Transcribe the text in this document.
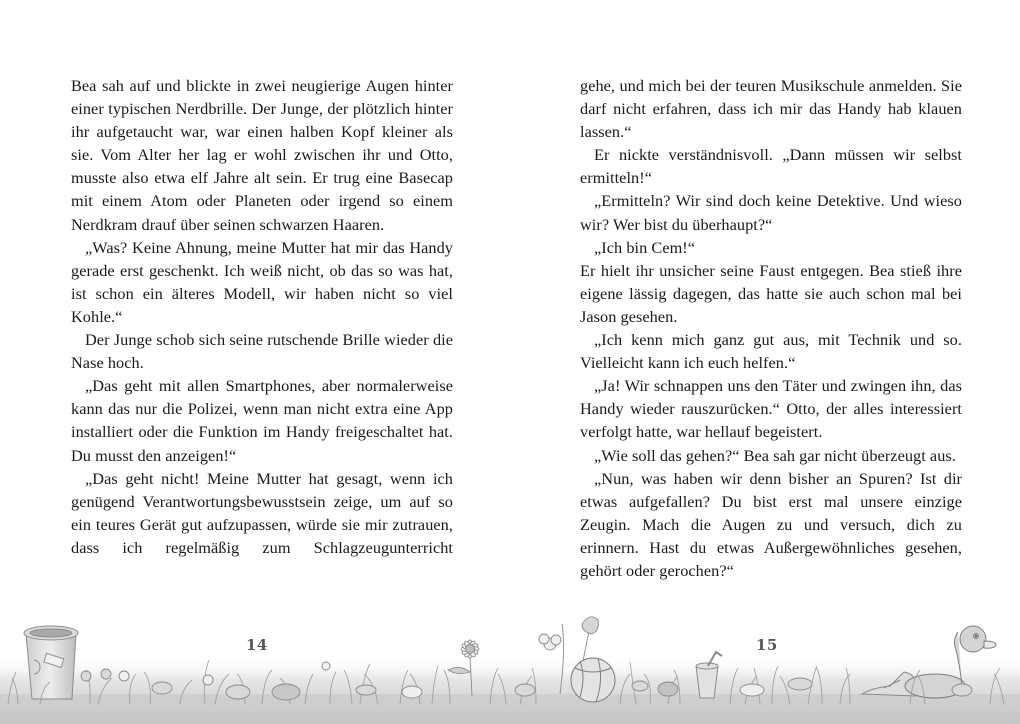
Bea sah auf und blickte in zwei neugierige Augen hinter einer typischen Nerdbrille. Der Junge, der plötzlich hinter ihr aufgetaucht war, war einen halben Kopf kleiner als sie. Vom Alter her lag er wohl zwischen ihr und Otto, musste also etwa elf Jahre alt sein. Er trug eine Basecap mit einem Atom oder Planeten oder irgend so einem Nerdkram drauf über seinen schwarzen Haaren.

„Was? Keine Ahnung, meine Mutter hat mir das Handy gerade erst geschenkt. Ich weiß nicht, ob das so was hat, ist schon ein älteres Modell, wir haben nicht so viel Kohle.“

Der Junge schob sich seine rutschende Brille wieder die Nase hoch.

„Das geht mit allen Smartphones, aber normalerweise kann das nur die Polizei, wenn man nicht extra eine App installiert oder die Funktion im Handy freigeschaltet hat. Du musst den anzeigen!“

„Das geht nicht! Meine Mutter hat gesagt, wenn ich genügend Verantwortungsbewusstsein zeige, um auf so ein teures Gerät gut aufzupassen, würde sie mir zutrauen, dass ich regelmäßig zum Schlagzeugunterricht

gehe, und mich bei der teuren Musikschule anmelden. Sie darf nicht erfahren, dass ich mir das Handy hab klauen lassen.“

Er nickte verständnisvoll. „Dann müssen wir selbst ermitteln!“

„Ermitteln? Wir sind doch keine Detektive. Und wieso wir? Wer bist du überhaupt?“

„Ich bin Cem!“

Er hielt ihr unsicher seine Faust entgegen. Bea stieß ihre eigene lässig dagegen, das hatte sie auch schon mal bei Jason gesehen.

„Ich kenn mich ganz gut aus, mit Technik und so. Vielleicht kann ich euch helfen.“

„Ja! Wir schnappen uns den Täter und zwingen ihn, das Handy wieder rauszurücken.“ Otto, der alles interessiert verfolgt hatte, war hellauf begeistert.

„Wie soll das gehen?“ Bea sah gar nicht überzeugt aus.

„Nun, was haben wir denn bisher an Spuren? Ist dir etwas aufgefallen? Du bist erst mal unsere einzige Zeugin. Mach die Augen zu und versuch, dich zu erinnern. Hast du etwas Außergewöhnliches gesehen, gehört oder gerochen?“

14	15
